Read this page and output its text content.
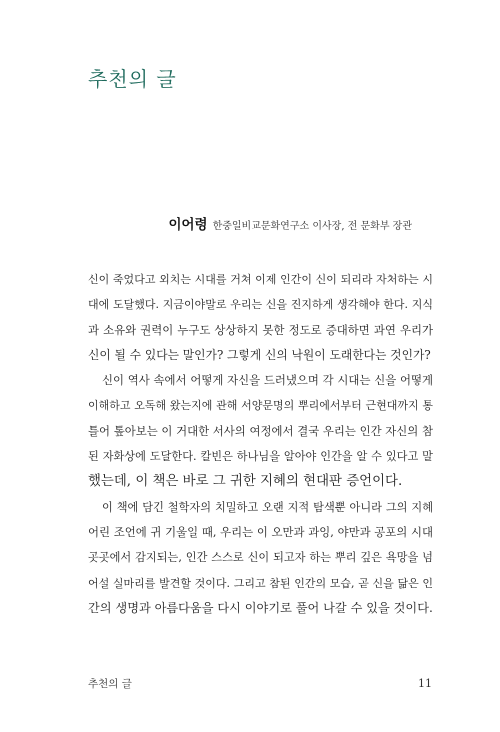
추천의 글
이어령 한중일비교문화연구소 이사장, 전 문화부 장관
신이 죽었다고 외치는 시대를 거쳐 이제 인간이 신이 되리라 자처하는 시
대에 도달했다. 지금이야말로 우리는 신을 진지하게 생각해야 한다. 지식
과 소유와 권력이 누구도 상상하지 못한 정도로 증대하면 과연 우리가
신이 될 수 있다는 말인가? 그렇게 신의 낙원이 도래한다는 것인가?
신이 역사 속에서 어떻게 자신을 드러냈으며 각 시대는 신을 어떻게
이해하고 오독해 왔는지에 관해 서양문명의 뿌리에서부터 근현대까지 통
틀어 톺아보는 이 거대한 서사의 여정에서 결국 우리는 인간 자신의 참
된 자화상에 도달한다. 칼빈은 하나님을 알아야 인간을 알 수 있다고 말
했는데, 이 책은 바로 그 귀한 지혜의 현대판 증언이다.
이 책에 담긴 철학자의 치밀하고 오랜 지적 탐색뿐 아니라 그의 지혜
어린 조언에 귀 기울일 때, 우리는 이 오만과 과잉, 야만과 공포의 시대
곳곳에서 감지되는, 인간 스스로 신이 되고자 하는 뿌리 깊은 욕망을 넘
어설 실마리를 발견할 것이다. 그리고 참된 인간의 모습, 곧 신을 닮은 인
간의 생명과 아름다움을 다시 이야기로 풀어 나갈 수 있을 것이다.
추천의 글	11
